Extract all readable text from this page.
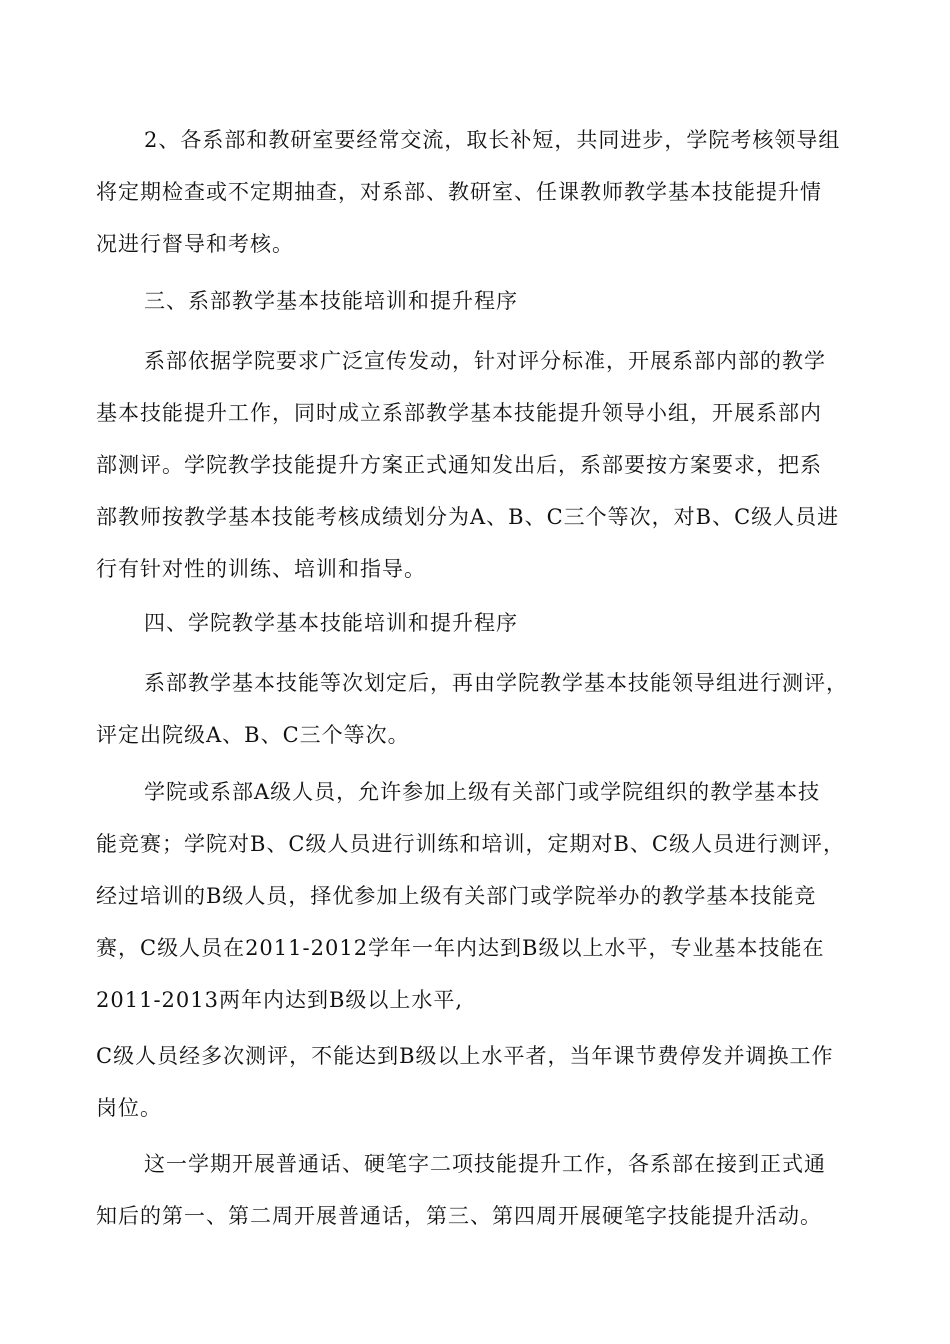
2、各系部和教研室要经常交流，取长补短，共同进步，学院考核领导组
将定期检查或不定期抽查，对系部、教研室、任课教师教学基本技能提升情
况进行督导和考核。
三、系部教学基本技能培训和提升程序
系部依据学院要求广泛宣传发动，针对评分标准，开展系部内部的教学
基本技能提升工作，同时成立系部教学基本技能提升领导小组，开展系部内
部测评。学院教学技能提升方案正式通知发出后，系部要按方案要求，把系
部教师按教学基本技能考核成绩划分为A、B、C三个等次，对B、C级人员进
行有针对性的训练、培训和指导。
四、学院教学基本技能培训和提升程序
系部教学基本技能等次划定后，再由学院教学基本技能领导组进行测评，
评定出院级A、B、C三个等次。
学院或系部A级人员，允许参加上级有关部门或学院组织的教学基本技
能竞赛；学院对B、C级人员进行训练和培训，定期对B、C级人员进行测评，
经过培训的B级人员，择优参加上级有关部门或学院举办的教学基本技能竞
赛，C级人员在2011-2012学年一年内达到B级以上水平，专业基本技能在
2011-2013两年内达到B级以上水平,
C级人员经多次测评，不能达到B级以上水平者，当年课节费停发并调换工作
岗位。
这一学期开展普通话、硬笔字二项技能提升工作，各系部在接到正式通
知后的第一、第二周开展普通话，第三、第四周开展硬笔字技能提升活动。
